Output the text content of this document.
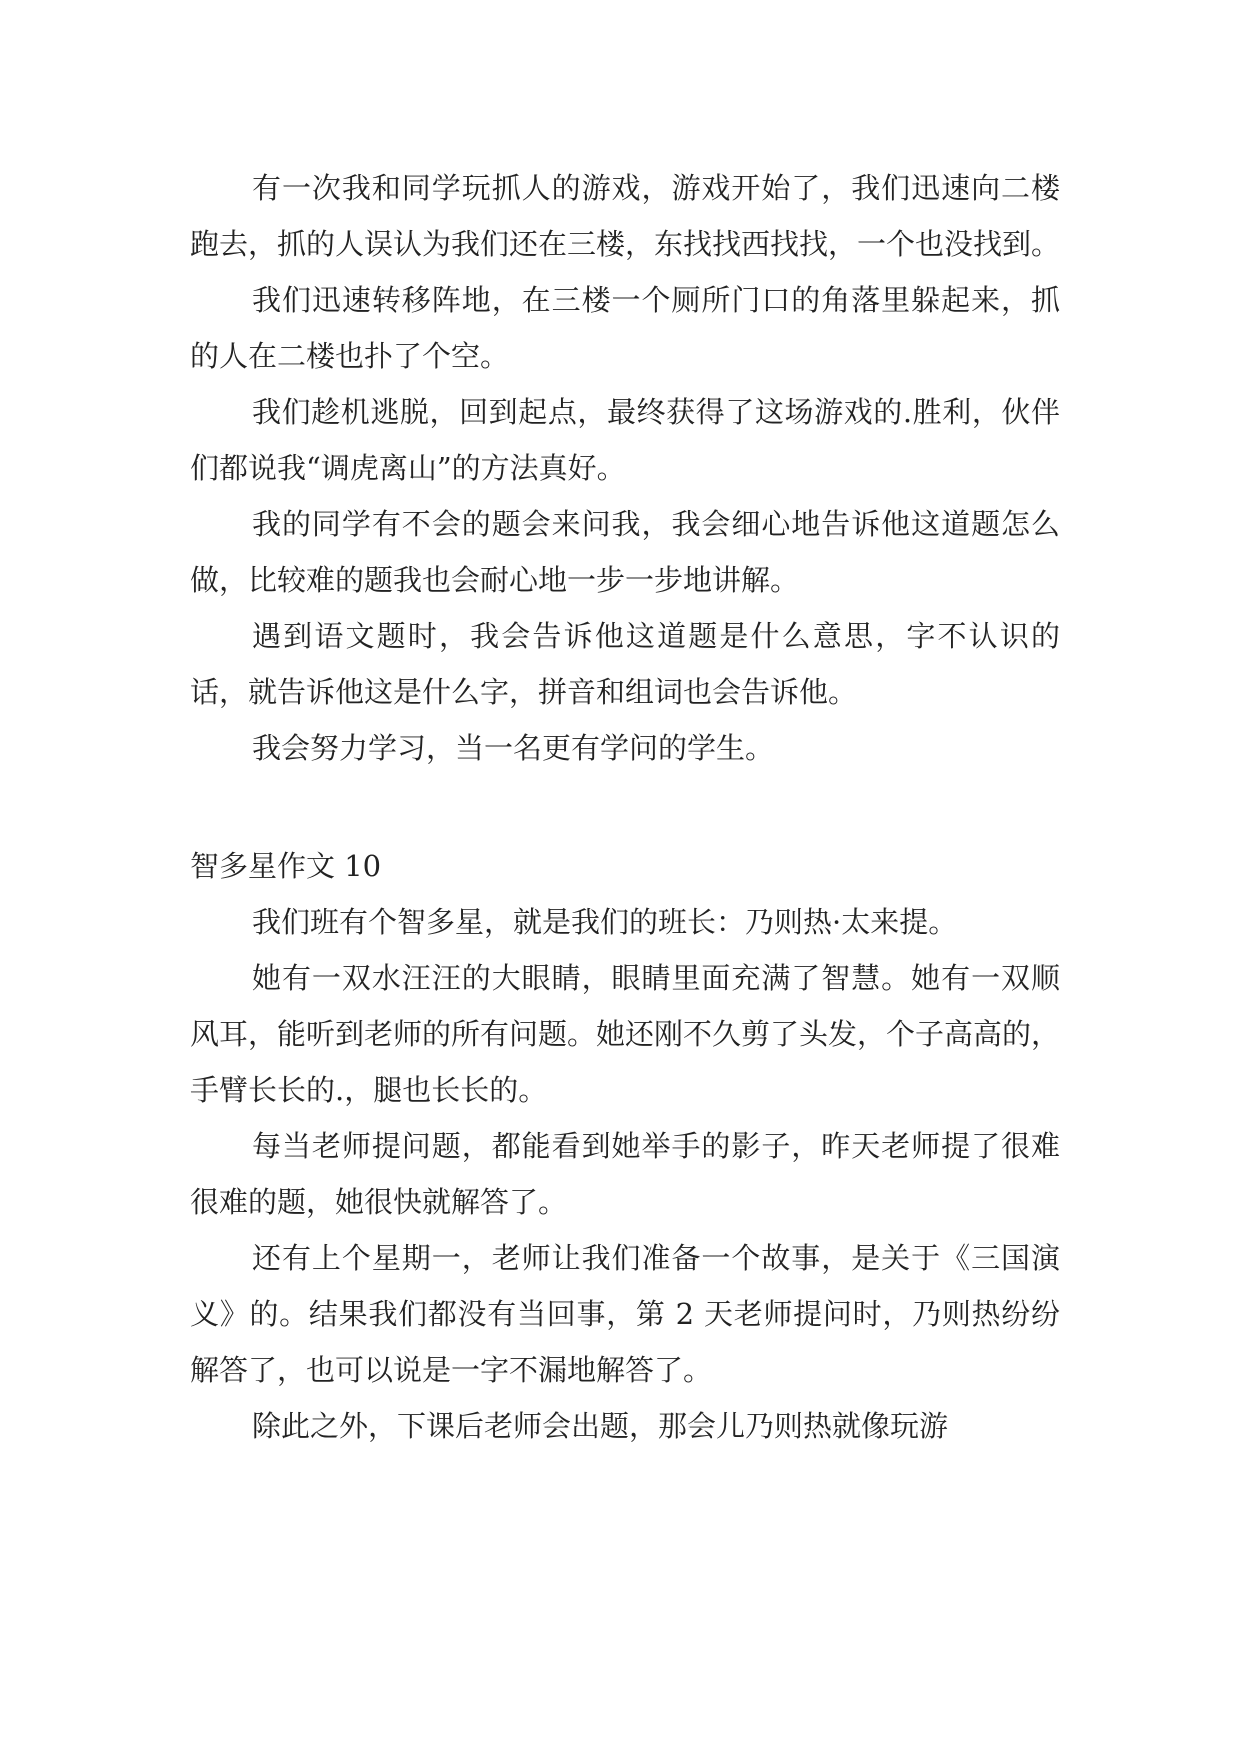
有一次我和同学玩抓人的游戏，游戏开始了，我们迅速向二楼跑去，抓的人误认为我们还在三楼，东找找西找找，一个也没找到。

我们迅速转移阵地，在三楼一个厕所门口的角落里躲起来，抓的人在二楼也扑了个空。

我们趁机逃脱，回到起点，最终获得了这场游戏的.胜利，伙伴们都说我“调虎离山”的方法真好。

我的同学有不会的题会来问我，我会细心地告诉他这道题怎么做，比较难的题我也会耐心地一步一步地讲解。

遇到语文题时，我会告诉他这道题是什么意思，字不认识的话，就告诉他这是什么字，拼音和组词也会告诉他。

我会努力学习，当一名更有学问的学生。

智多星作文 10

我们班有个智多星，就是我们的班长：乃则热·太来提。

她有一双水汪汪的大眼睛，眼睛里面充满了智慧。她有一双顺风耳，能听到老师的所有问题。她还刚不久剪了头发，个子高高的，手臂长长的.，腿也长长的。

每当老师提问题，都能看到她举手的影子，昨天老师提了很难很难的题，她很快就解答了。

还有上个星期一，老师让我们准备一个故事，是关于《三国演义》的。结果我们都没有当回事，第 2 天老师提问时，乃则热纷纷解答了，也可以说是一字不漏地解答了。

除此之外，下课后老师会出题，那会儿乃则热就像玩游
